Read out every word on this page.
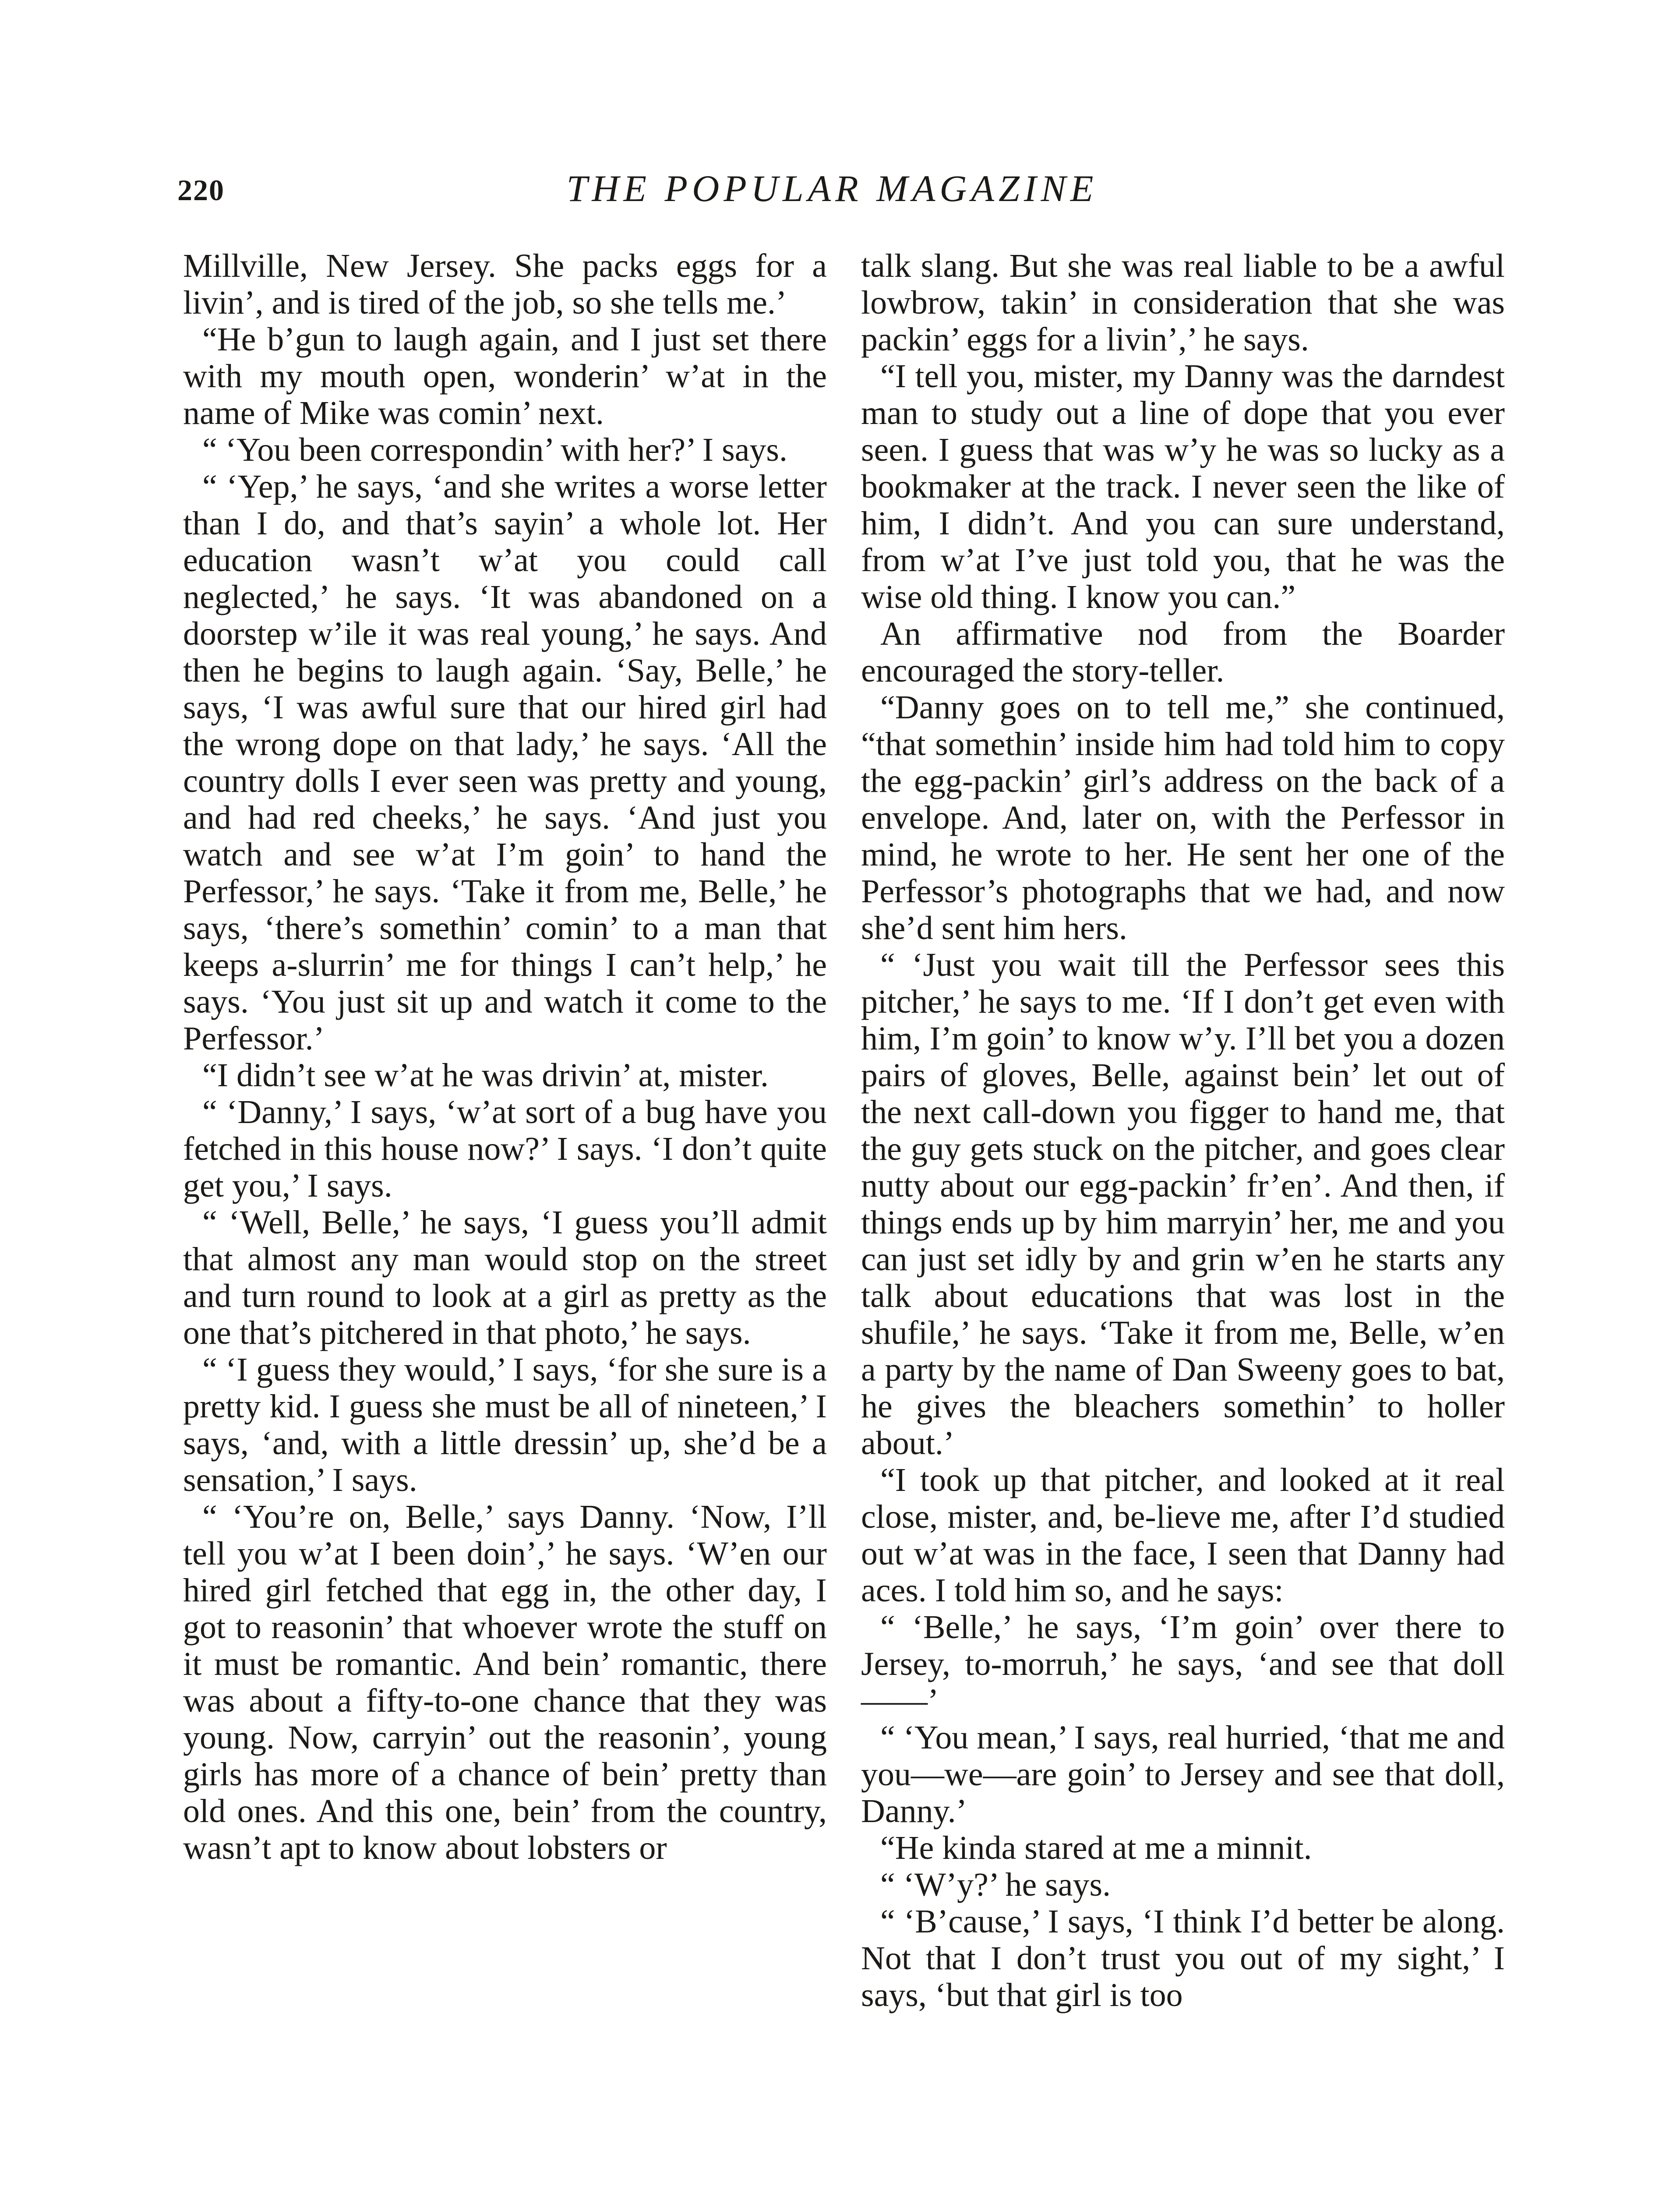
220	THE POPULAR MAGAZINE

Millville, New Jersey. She packs eggs for a livin’, and is tired of the job, so she tells me.’

“He b’gun to laugh again, and I just set there with my mouth open, wonderin’ w’at in the name of Mike was comin’ next.

“ ‘You been correspondin’ with her?’ I says.

“ ‘Yep,’ he says, ‘and she writes a worse letter than I do, and that’s sayin’ a whole lot. Her education wasn’t w’at you could call neglected,’ he says. ‘It was abandoned on a doorstep w’ile it was real young,’ he says. And then he begins to laugh again. ‘Say, Belle,’ he says, ‘I was awful sure that our hired girl had the wrong dope on that lady,’ he says. ‘All the country dolls I ever seen was pretty and young, and had red cheeks,’ he says. ‘And just you watch and see w’at I’m goin’ to hand the Perfessor,’ he says. ‘Take it from me, Belle,’ he says, ‘there’s somethin’ comin’ to a man that keeps a-slurrin’ me for things I can’t help,’ he says. ‘You just sit up and watch it come to the Perfessor.’

“I didn’t see w’at he was drivin’ at, mister.

“ ‘Danny,’ I says, ‘w’at sort of a bug have you fetched in this house now?’ I says. ‘I don’t quite get you,’ I says.

“ ‘Well, Belle,’ he says, ‘I guess you’ll admit that almost any man would stop on the street and turn round to look at a girl as pretty as the one that’s pitchered in that photo,’ he says.

“ ‘I guess they would,’ I says, ‘for she sure is a pretty kid. I guess she must be all of nineteen,’ I says, ‘and, with a little dressin’ up, she’d be a sensation,’ I says.

“ ‘You’re on, Belle,’ says Danny. ‘Now, I’ll tell you w’at I been doin’,’ he says. ‘W’en our hired girl fetched that egg in, the other day, I got to reasonin’ that whoever wrote the stuff on it must be romantic. And bein’ romantic, there was about a fifty-to-one chance that they was young. Now, carryin’ out the reasonin’, young girls has more of a chance of bein’ pretty than old ones. And this one, bein’ from the country, wasn’t apt to know about lobsters or

talk slang. But she was real liable to be a awful lowbrow, takin’ in consideration that she was packin’ eggs for a livin’,’ he says.

“I tell you, mister, my Danny was the darndest man to study out a line of dope that you ever seen. I guess that was w’y he was so lucky as a bookmaker at the track. I never seen the like of him, I didn’t. And you can sure understand, from w’at I’ve just told you, that he was the wise old thing. I know you can.”

An affirmative nod from the Boarder encouraged the story-teller.

“Danny goes on to tell me,” she continued, “that somethin’ inside him had told him to copy the egg-packin’ girl’s address on the back of a envelope. And, later on, with the Perfessor in mind, he wrote to her. He sent her one of the Perfessor’s photographs that we had, and now she’d sent him hers.

“ ‘Just you wait till the Perfessor sees this pitcher,’ he says to me. ‘If I don’t get even with him, I’m goin’ to know w’y. I’ll bet you a dozen pairs of gloves, Belle, against bein’ let out of the next call-down you figger to hand me, that the guy gets stuck on the pitcher, and goes clear nutty about our egg-packin’ fr’en’. And then, if things ends up by him marryin’ her, me and you can just set idly by and grin w’en he starts any talk about educations that was lost in the shufile,’ he says. ‘Take it from me, Belle, w’en a party by the name of Dan Sweeny goes to bat, he gives the bleachers somethin’ to holler about.’

“I took up that pitcher, and looked at it real close, mister, and, be-lieve me, after I’d studied out w’at was in the face, I seen that Danny had aces. I told him so, and he says:

“ ‘Belle,’ he says, ‘I’m goin’ over there to Jersey, to-morruh,’ he says, ‘and see that doll——’

“ ‘You mean,’ I says, real hurried, ‘that me and you—we—are goin’ to Jersey and see that doll, Danny.’

“He kinda stared at me a minnit.

“ ‘W’y?’ he says.

“ ‘B’cause,’ I says, ‘I think I’d better be along. Not that I don’t trust you out of my sight,’ I says, ‘but that girl is too
